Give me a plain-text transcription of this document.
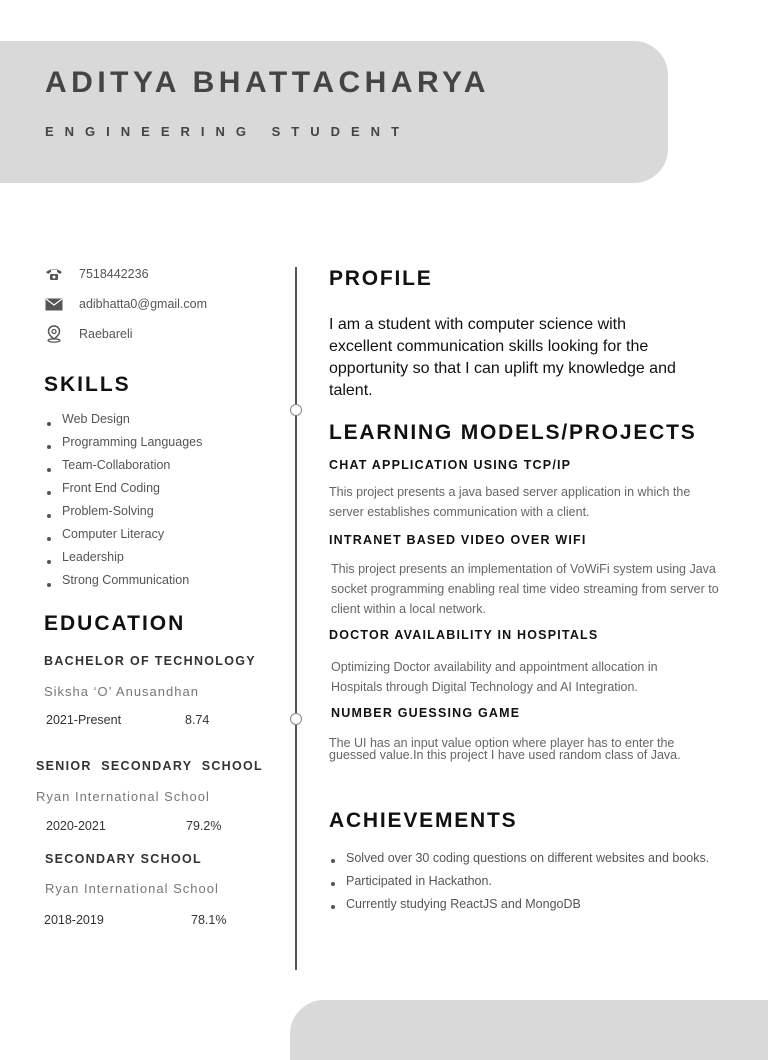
ADITYA BHATTACHARYA
ENGINEERING STUDENT
7518442236
adibhatta0@gmail.com
Raebareli
SKILLS
Web Design
Programming Languages
Team-Collaboration
Front End Coding
Problem-Solving
Computer Literacy
Leadership
Strong Communication
EDUCATION
BACHELOR OF TECHNOLOGY
Siksha ‘O’ Anusandhan
2021-Present	8.74
SENIOR  SECONDARY  SCHOOL
Ryan International School
2020-2021	79.2%
SECONDARY SCHOOL
Ryan International School
2018-2019	78.1%
PROFILE
I am a student with computer science with excellent communication skills looking for the opportunity so that I can uplift my knowledge and talent.
LEARNING MODELS/PROJECTS
CHAT APPLICATION USING TCP/IP
This project presents a java based server application in which the server establishes communication with a client.
INTRANET BASED VIDEO OVER WIFI
This project presents an implementation of VoWiFi system using Java socket programming enabling real time video streaming from server to client within a local network.
DOCTOR AVAILABILITY IN HOSPITALS
Optimizing Doctor availability and appointment allocation in Hospitals through Digital Technology and AI Integration.
NUMBER GUESSING GAME
The UI has an input value option where player has to enter the guessed value.In this project I have used random class of Java.
ACHIEVEMENTS
Solved over 30 coding questions on different websites and books.
Participated in Hackathon.
Currently studying ReactJS and MongoDB
